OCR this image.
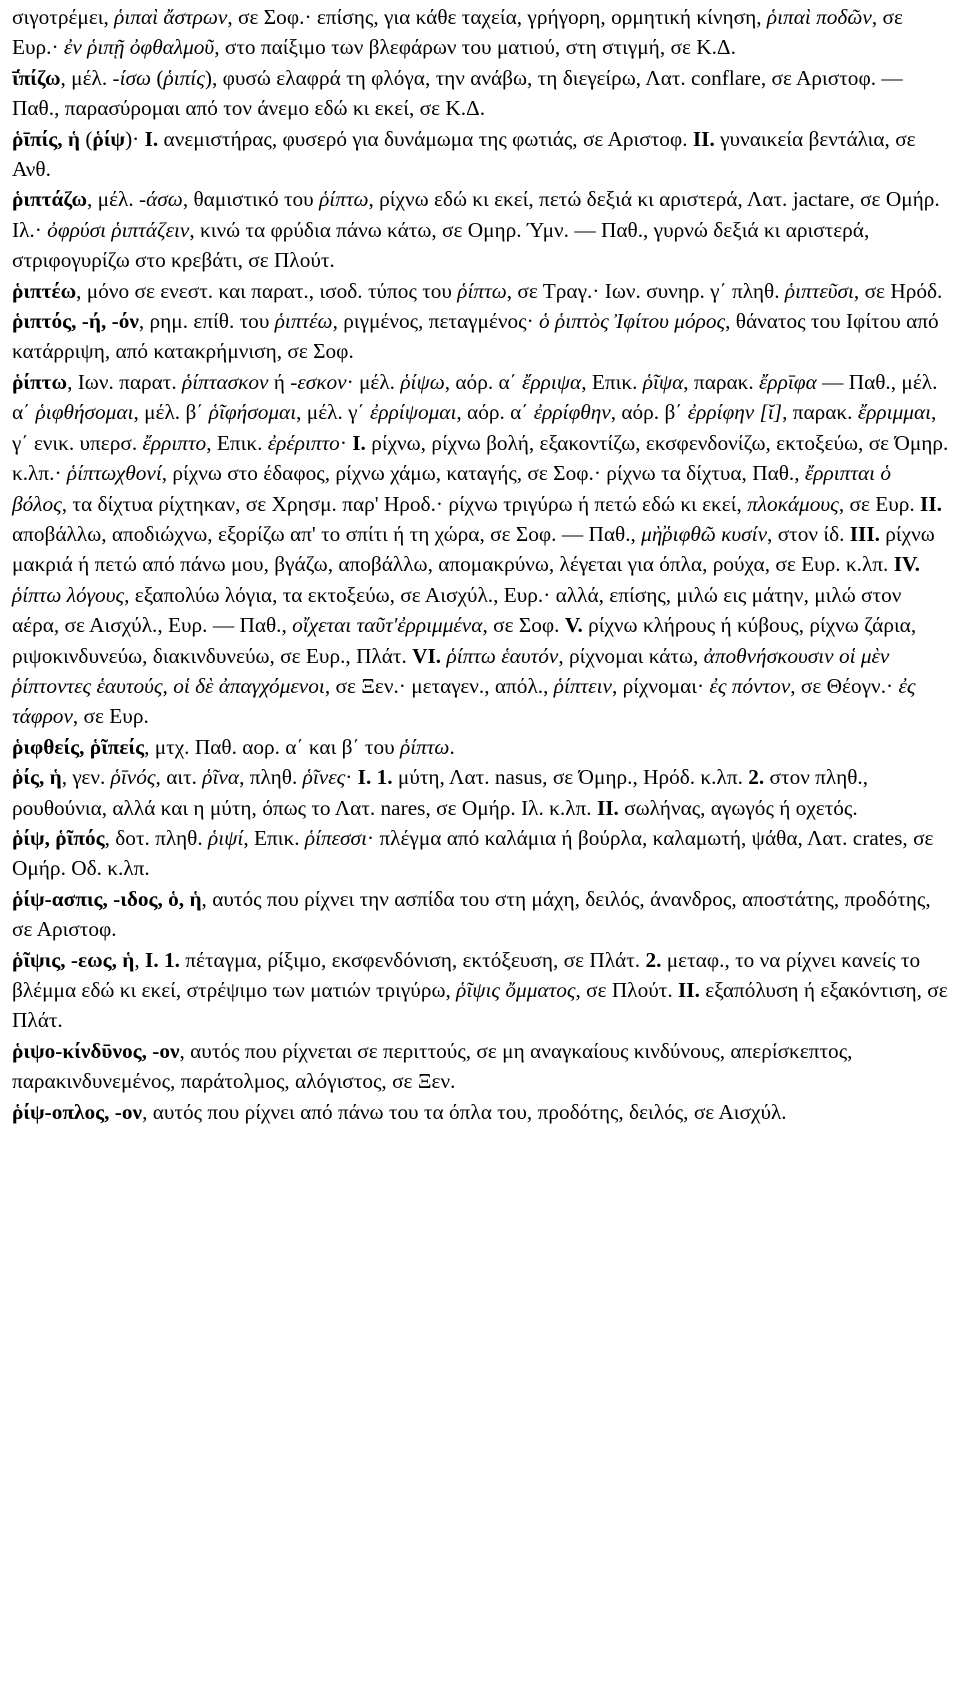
σιγοτρέμει, ῥιπαὶ ἄστρων, σε Σοφ.· επίσης, για κάθε ταχεία, γρήγορη, ορμητική κίνηση, ῥιπαὶ ποδῶν, σε Ευρ.· ἐν ῥιπῇ ὀφθαλμοῦ, στο παίξιμο των βλεφάρων του ματιού, στη στιγμή, σε Κ.Δ.

ῑ̔πίζω, μέλ. -ίσω (ῥιπίς), φυσώ ελαφρά τη φλόγα, την ανάβω, τη διεγείρω, Λατ. conflare, σε Αριστοφ. — Παθ., παρασύρομαι από τον άνεμο εδώ κι εκεί, σε Κ.Δ.

ῥῑπίς, ἡ (ῥίψ)· I. ανεμιστήρας, φυσερό για δυνάμωμα της φωτιάς, σε Αριστοφ. II. γυναικεία βεντάλια, σε Ανθ.

ῥιπτάζω, μέλ. -άσω, θαμιστικό του ῥίπτω, ρίχνω εδώ κι εκεί, πετώ δεξιά κι αριστερά, Λατ. jactare, σε Ομήρ. Ιλ.· ὀφρύσι ῥιπτάζειν, κινώ τα φρύδια πάνω κάτω, σε Ομηρ. Ύμν. — Παθ., γυρνώ δεξιά κι αριστερά, στριφογυρίζω στο κρεβάτι, σε Πλούτ.

ῥιπτέω, μόνο σε ενεστ. και παρατ., ισοδ. τύπος του ῥίπτω, σε Τραγ.· Ιων. συνηρ. γ΄ πληθ. ῥιπτεῦσι, σε Ηρόδ.

ῥιπτός, -ή, -όν, ρημ. επίθ. του ῥιπτέω, ριγμένος, πεταγμένος· ὁ ῥιπτὸς Ἰφίτου μόρος, θάνατος του Ιφίτου από κατάρριψη, από κατακρήμνιση, σε Σοφ.

ῥίπτω, Ιων. παρατ. ῥίπτασκον ή -εσκον· μέλ. ῥίψω, αόρ. α΄ ἔρριψα, Επικ. ῥῖψα, παρακ. ἔρρῑφα — Παθ., μέλ. α΄ ῥιφθήσομαι, μέλ. β΄ ῥῖφήσομαι, μέλ. γ΄ ἐρρίψομαι, αόρ. α΄ ἐρρίφθην, αόρ. β΄ ἐρρίφην [ῐ], παρακ. ἔρριμμαι, γ΄ ενικ. υπερσ. ἔρριπτο, Επικ. ἐρέριπτο· I. ρίχνω, ρίχνω βολή, εξακοντίζω, εκσφενδονίζω, εκτοξεύω, σε Όμηρ. κ.λπ.· ῥίπτωχθονί, ρίχνω στο έδαφος, ρίχνω χάμω, καταγής, σε Σοφ.· ρίχνω τα δίχτυα, Παθ., ἔρριπται ὁ βόλος, τα δίχτυα ρίχτηκαν, σε Χρησμ. παρ' Ηροδ.· ρίχνω τριγύρω ή πετώ εδώ κι εκεί, πλοκάμους, σε Ευρ. II. αποβάλλω, αποδιώχνω, εξορίζω απ' το σπίτι ή τη χώρα, σε Σοφ. — Παθ., μὴ̓ῥιφθῶ κυσίν, στον ίδ. III. ρίχνω μακριά ή πετώ από πάνω μου, βγάζω, αποβάλλω, απομακρύνω, λέγεται για όπλα, ρούχα, σε Ευρ. κ.λπ. IV. ῥίπτω λόγους, εξαπολύω λόγια, τα εκτοξεύω, σε Αισχύλ., Ευρ.· αλλά, επίσης, μιλώ εις μάτην, μιλώ στον αέρα, σε Αισχύλ., Ευρ. — Παθ., οἴχεται ταῦτ'ἐρριμμένα, σε Σοφ. V. ρίχνω κλήρους ή κύβους, ρίχνω ζάρια, ριψοκινδυνεύω, διακινδυνεύω, σε Ευρ., Πλάτ. VI. ῥίπτω ἑαυτόν, ρίχνομαι κάτω, ἀποθνήσκουσιν οἱ μὲν ῥίπτοντες ἑαυτούς, οἱ δὲ ἀπαγχόμενοι, σε Ξεν.· μεταγεν., απόλ., ῥίπτειν, ρίχνομαι· ἐς πόντον, σε Θέογν.· ἐς τάφρον, σε Ευρ.

ῥιφθείς, ῥῖπείς, μτχ. Παθ. αορ. α΄ και β΄ του ῥίπτω.

ῥίς, ἡ, γεν. ῥῑνός, αιτ. ῥῖνα, πληθ. ῥῖνες· I. 1. μύτη, Λατ. nasus, σε Όμηρ., Ηρόδ. κ.λπ. 2. στον πληθ., ρουθούνια, αλλά και η μύτη, όπως το Λατ. nares, σε Ομήρ. Ιλ. κ.λπ. II. σωλήνας, αγωγός ή οχετός.

ῥίψ, ῥῖπός, δοτ. πληθ. ῥιψί, Επικ. ῥίπεσσι· πλέγμα από καλάμια ή βούρλα, καλαμωτή, ψάθα, Λατ. crates, σε Ομήρ. Οδ. κ.λπ.

ῥίψ-ασπις, -ιδος, ὁ, ἡ, αυτός που ρίχνει την ασπίδα του στη μάχη, δειλός, άνανδρος, αποστάτης, προδότης, σε Αριστοφ.

ῥῖψις, -εως, ἡ, I. 1. πέταγμα, ρίξιμο, εκσφενδόνιση, εκτόξευση, σε Πλάτ. 2. μεταφ., το να ρίχνει κανείς το βλέμμα εδώ κι εκεί, στρέψιμο των ματιών τριγύρω, ῥῖψις ὄμματος, σε Πλούτ. II. εξαπόλυση ή εξακόντιση, σε Πλάτ.

ῥιψο-κίνδῡνος, -ον, αυτός που ρίχνεται σε περιττούς, σε μη αναγκαίους κινδύνους, απερίσκεπτος, παρακινδυνεμένος, παράτολμος, αλόγιστος, σε Ξεν.

ῥίψ-οπλος, -ον, αυτός που ρίχνει από πάνω του τα όπλα του, προδότης, δειλός, σε Αισχύλ.
